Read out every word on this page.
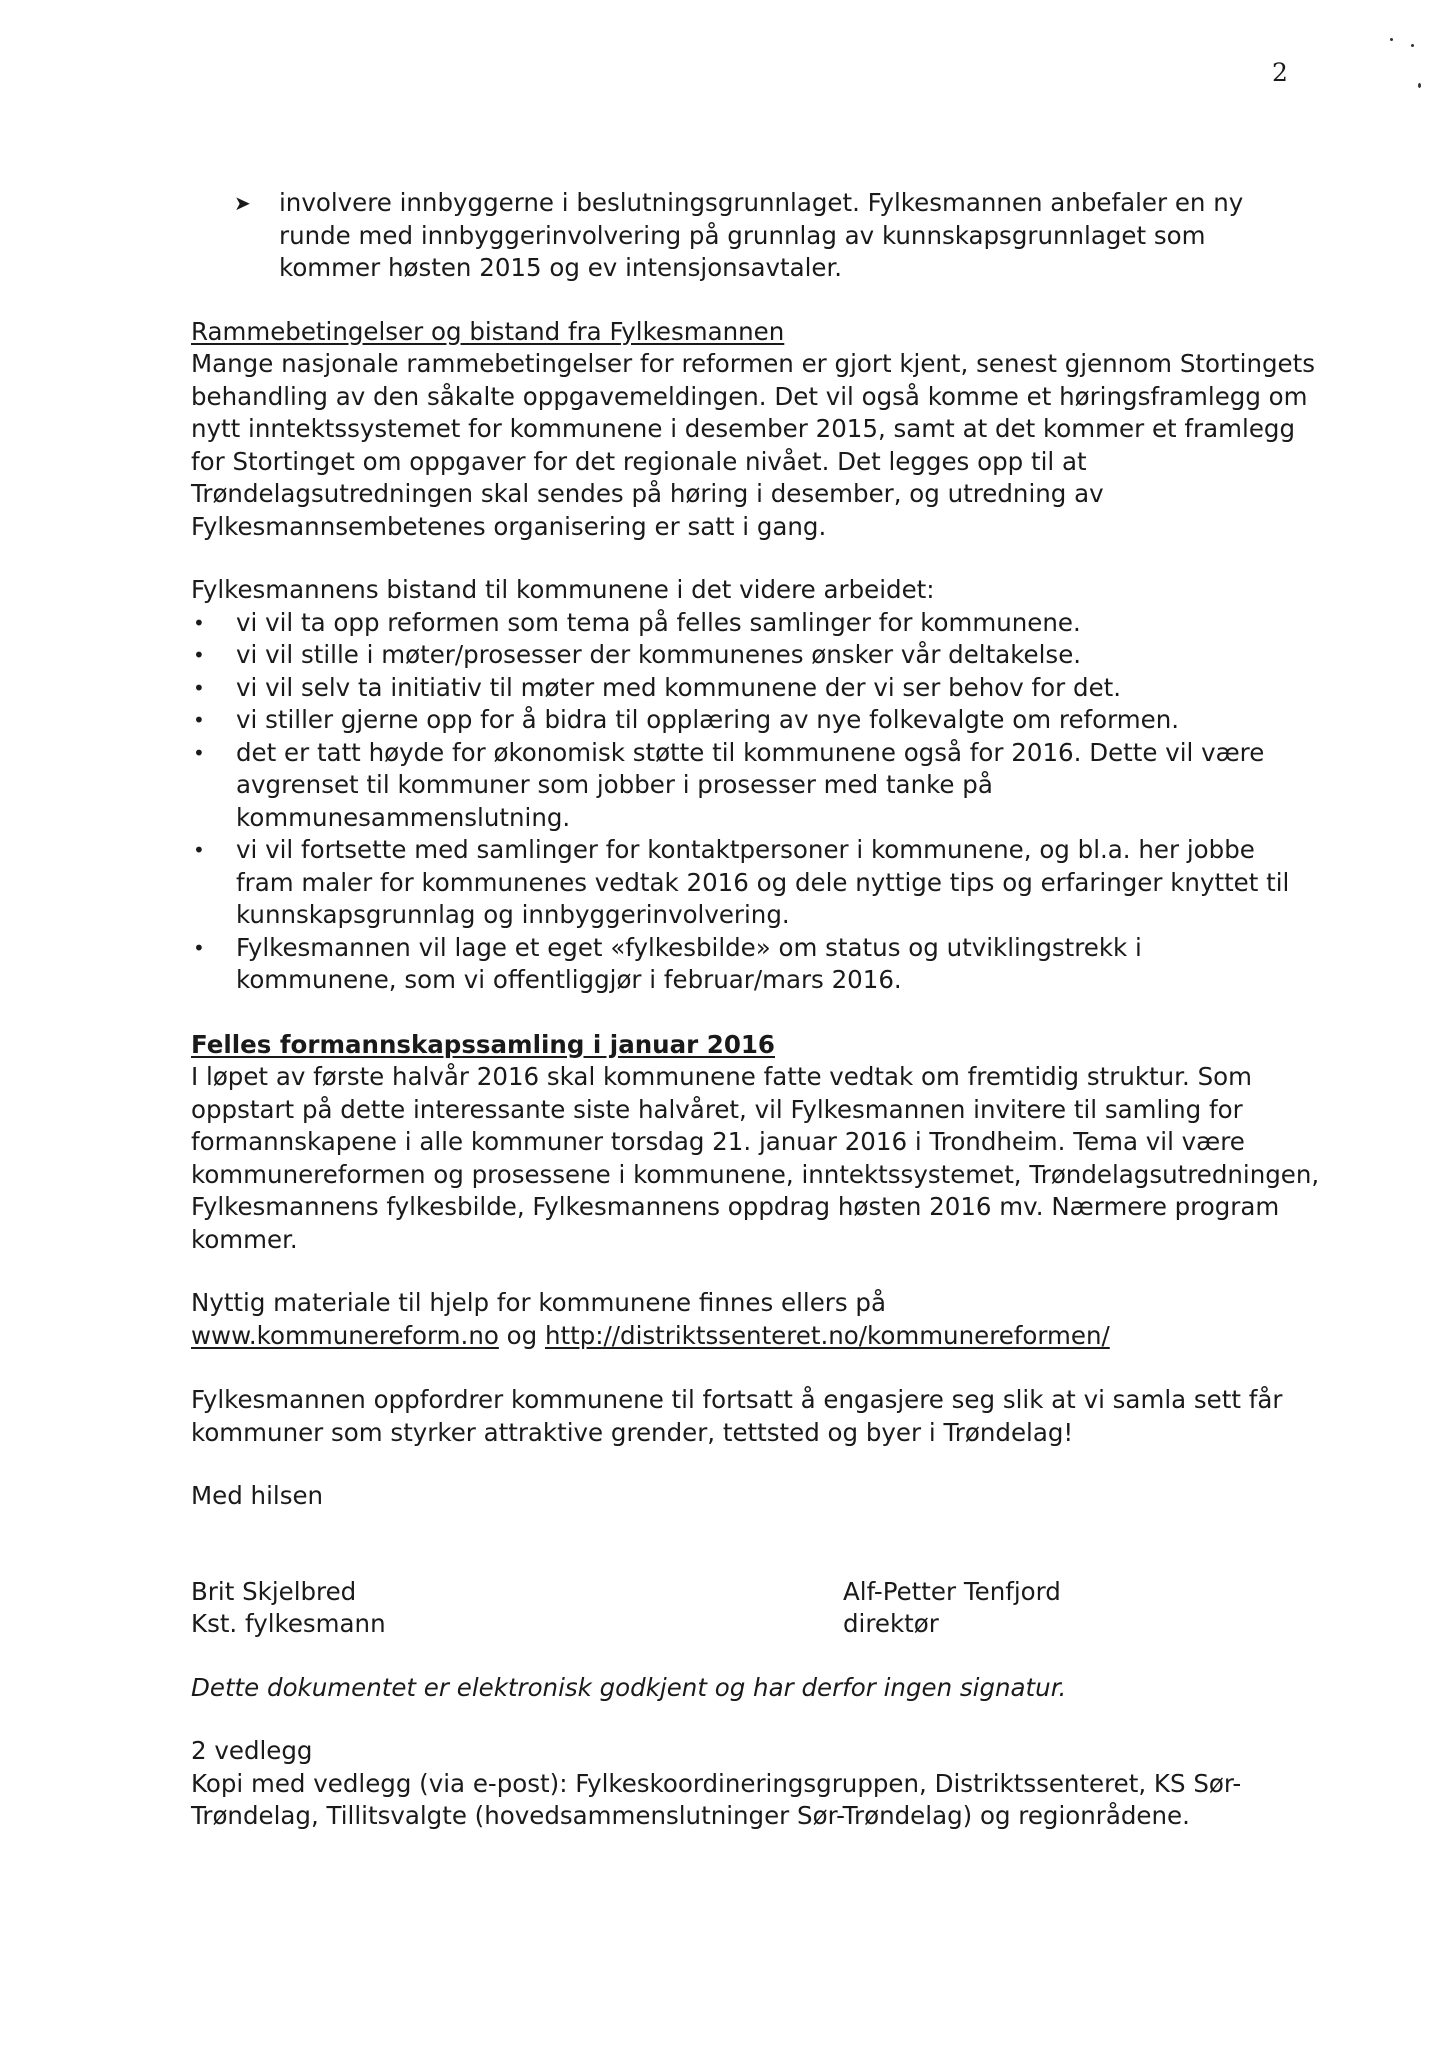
2
➤	involvere innbyggerne i beslutningsgrunnlaget. Fylkesmannen anbefaler en ny runde med innbyggerinvolvering på grunnlag av kunnskapsgrunnlaget som kommer høsten 2015 og ev intensjonsavtaler.

Rammebetingelser og bistand fra Fylkesmannen

Mange nasjonale rammebetingelser for reformen er gjort kjent, senest gjennom Stortingets behandling av den såkalte oppgavemeldingen. Det vil også komme et høringsframlegg om nytt inntektssystemet for kommunene i desember 2015, samt at det kommer et framlegg for Stortinget om oppgaver for det regionale nivået. Det legges opp til at Trøndelagsutredningen skal sendes på høring i desember, og utredning av Fylkesmannsembetenes organisering er satt i gang.

Fylkesmannens bistand til kommunene i det videre arbeidet:

•	vi vil ta opp reformen som tema på felles samlinger for kommunene.
•	vi vil stille i møter/prosesser der kommunenes ønsker vår deltakelse.
•	vi vil selv ta initiativ til møter med kommunene der vi ser behov for det.
•	vi stiller gjerne opp for å bidra til opplæring av nye folkevalgte om reformen.
•	det er tatt høyde for økonomisk støtte til kommunene også for 2016. Dette vil være avgrenset til kommuner som jobber i prosesser med tanke på kommunesammenslutning.
•	vi vil fortsette med samlinger for kontaktpersoner i kommunene, og bl.a. her jobbe fram maler for kommunenes vedtak 2016 og dele nyttige tips og erfaringer knyttet til kunnskapsgrunnlag og innbyggerinvolvering.
•	Fylkesmannen vil lage et eget «fylkesbilde» om status og utviklingstrekk i kommunene, som vi offentliggjør i februar/mars 2016.

Felles formannskapssamling i januar 2016

I løpet av første halvår 2016 skal kommunene fatte vedtak om fremtidig struktur. Som oppstart på dette interessante siste halvåret, vil Fylkesmannen invitere til samling for formannskapene i alle kommuner torsdag 21. januar 2016 i Trondheim. Tema vil være kommunereformen og prosessene i kommunene, inntektssystemet, Trøndelagsutredningen, Fylkesmannens fylkesbilde, Fylkesmannens oppdrag høsten 2016 mv. Nærmere program kommer.

Nyttig materiale til hjelp for kommunene finnes ellers på

www.kommunereform.no og http://distriktssenteret.no/kommunereformen/

Fylkesmannen oppfordrer kommunene til fortsatt å engasjere seg slik at vi samla sett får kommuner som styrker attraktive grender, tettsted og byer i Trøndelag!

Med hilsen

Brit Skjelbred

Kst. fylkesmann

Alf-Petter Tenfjord

direktør

Dette dokumentet er elektronisk godkjent og har derfor ingen signatur.

2 vedlegg

Kopi med vedlegg (via e-post): Fylkeskoordineringsgruppen, Distriktssenteret, KS Sør-Trøndelag, Tillitsvalgte (hovedsammenslutninger Sør-Trøndelag) og regionrådene.
